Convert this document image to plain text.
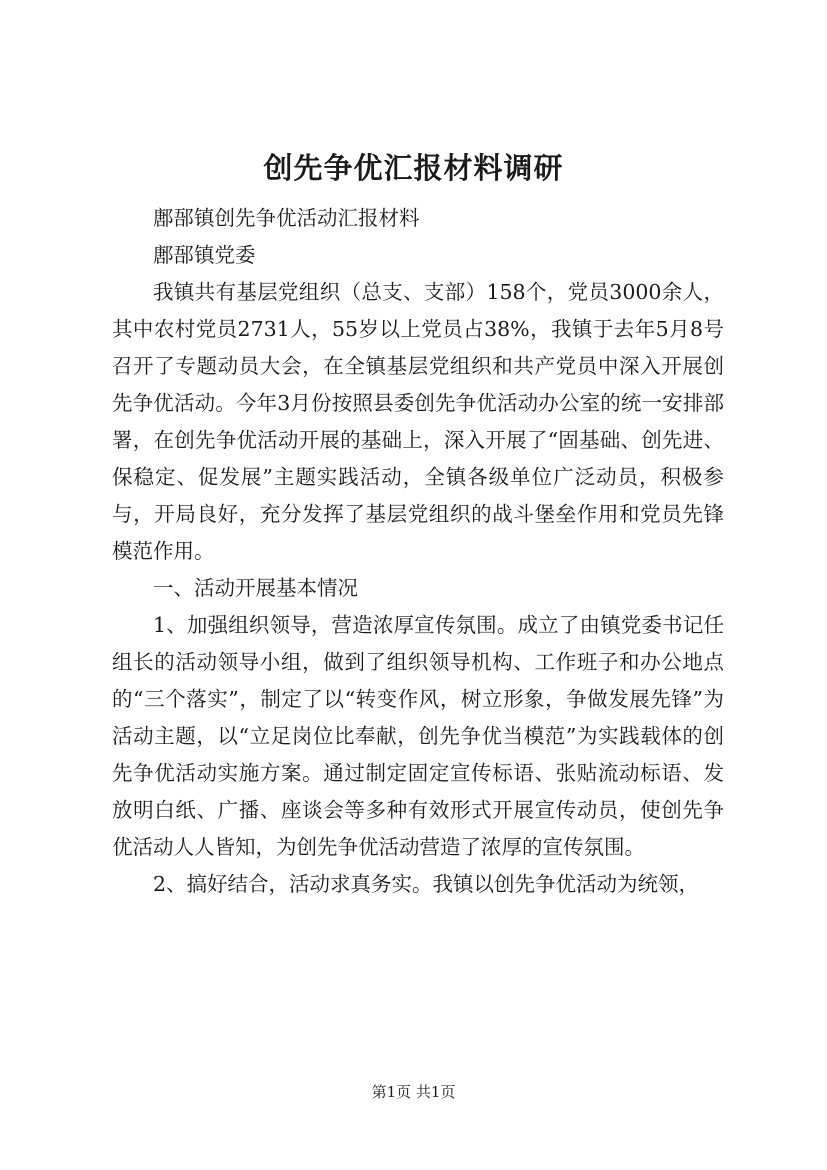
创先争优汇报材料调研

鄌郚镇创先争优活动汇报材料

鄌郚镇党委

我镇共有基层党组织（总支、支部）158个，党员3000余人，其中农村党员2731人，55岁以上党员占38%，我镇于去年5月8号召开了专题动员大会，在全镇基层党组织和共产党员中深入开展创先争优活动。今年3月份按照县委创先争优活动办公室的统一安排部署，在创先争优活动开展的基础上，深入开展了“固基础、创先进、保稳定、促发展”主题实践活动，全镇各级单位广泛动员，积极参与，开局良好，充分发挥了基层党组织的战斗堡垒作用和党员先锋模范作用。

一、活动开展基本情况

1、加强组织领导，营造浓厚宣传氛围。成立了由镇党委书记任组长的活动领导小组，做到了组织领导机构、工作班子和办公地点的“三个落实”，制定了以“转变作风，树立形象，争做发展先锋”为活动主题，以“立足岗位比奉献，创先争优当模范”为实践载体的创先争优活动实施方案。通过制定固定宣传标语、张贴流动标语、发放明白纸、广播、座谈会等多种有效形式开展宣传动员，使创先争优活动人人皆知，为创先争优活动营造了浓厚的宣传氛围。

2、搞好结合，活动求真务实。我镇以创先争优活动为统领，

第1页 共1页
